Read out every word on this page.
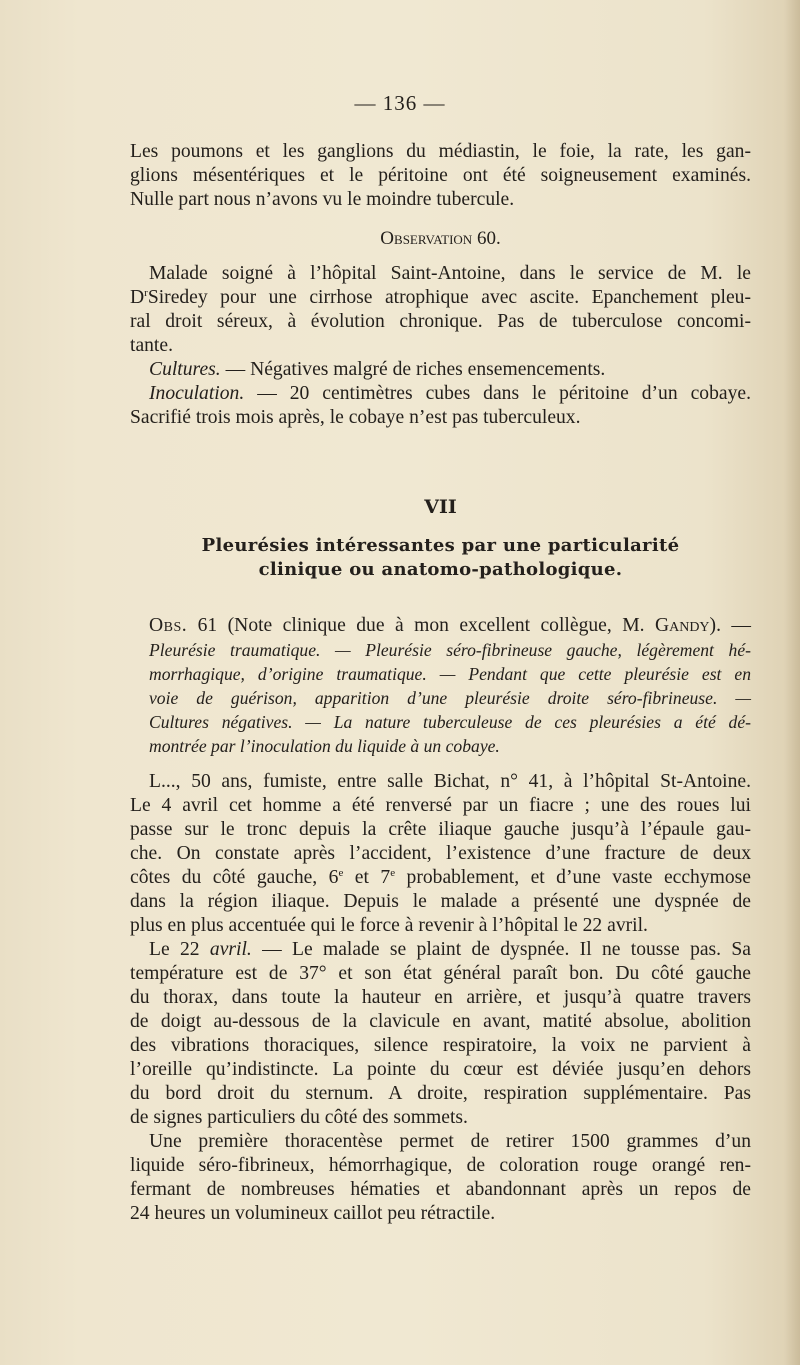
— 136 —
Les poumons et les ganglions du médiastin, le foie, la rate, les gan-
glions mésentériques et le péritoine ont été soigneusement examinés.
Nulle part nous n’avons vu le moindre tubercule.
Observation 60.
Malade soigné à l’hôpital Saint-Antoine, dans le service de M. le
$D^rSiredey$ pour une cirrhose atrophique avec ascite. Epanchement pleu-
ral droit séreux, à évolution chronique. Pas de tuberculose concomi-
tante.
Cultures. — Négatives malgré de riches ensemencements.
Inoculation. — 20 centimètres cubes dans le péritoine d’un cobaye.
Sacrifié trois mois après, le cobaye n’est pas tuberculeux.
VII
Pleurésies intéressantes par une particularité
clinique ou anatomo-pathologique.
Obs. 61 (Note clinique due à mon excellent collègue, M. Gandy). —
Pleurésie traumatique. — Pleurésie séro-fibrineuse gauche, légèrement hé-
morrhagique, d’origine traumatique. — Pendant que cette pleurésie est en
voie de guérison, apparition d’une pleurésie droite séro-fibrineuse. —
Cultures négatives. — La nature tuberculeuse de ces pleurésies a été dé-
montrée par l’inoculation du liquide à un cobaye.
L..., 50 ans, fumiste, entre salle Bichat, n° 41, à l’hôpital St-Antoine.
Le 4 avril cet homme a été renversé par un fiacre ; une des roues lui
passe sur le tronc depuis la crête iliaque gauche jusqu’à l’épaule gau-
che. On constate après l’accident, l’existence d’une fracture de deux
côtes du côté gauche, 6e et 7e probablement, et d’une vaste ecchymose
dans la région iliaque. Depuis le malade a présenté une dyspnée de
plus en plus accentuée qui le force à revenir à l’hôpital le 22 avril.
Le 22 avril. — Le malade se plaint de dyspnée. Il ne tousse pas. Sa
température est de 37° et son état général paraît bon. Du côté gauche
du thorax, dans toute la hauteur en arrière, et jusqu’à quatre travers
de doigt au-dessous de la clavicule en avant, matité absolue, abolition
des vibrations thoraciques, silence respiratoire, la voix ne parvient à
l’oreille qu’indistincte. La pointe du cœur est déviée jusqu’en dehors
du bord droit du sternum. A droite, respiration supplémentaire. Pas
de signes particuliers du côté des sommets.
Une première thoracentèse permet de retirer 1500 grammes d’un
liquide séro-fibrineux, hémorrhagique, de coloration rouge orangé ren-
fermant de nombreuses hématies et abandonnant après un repos de
24 heures un volumineux caillot peu rétractile.
